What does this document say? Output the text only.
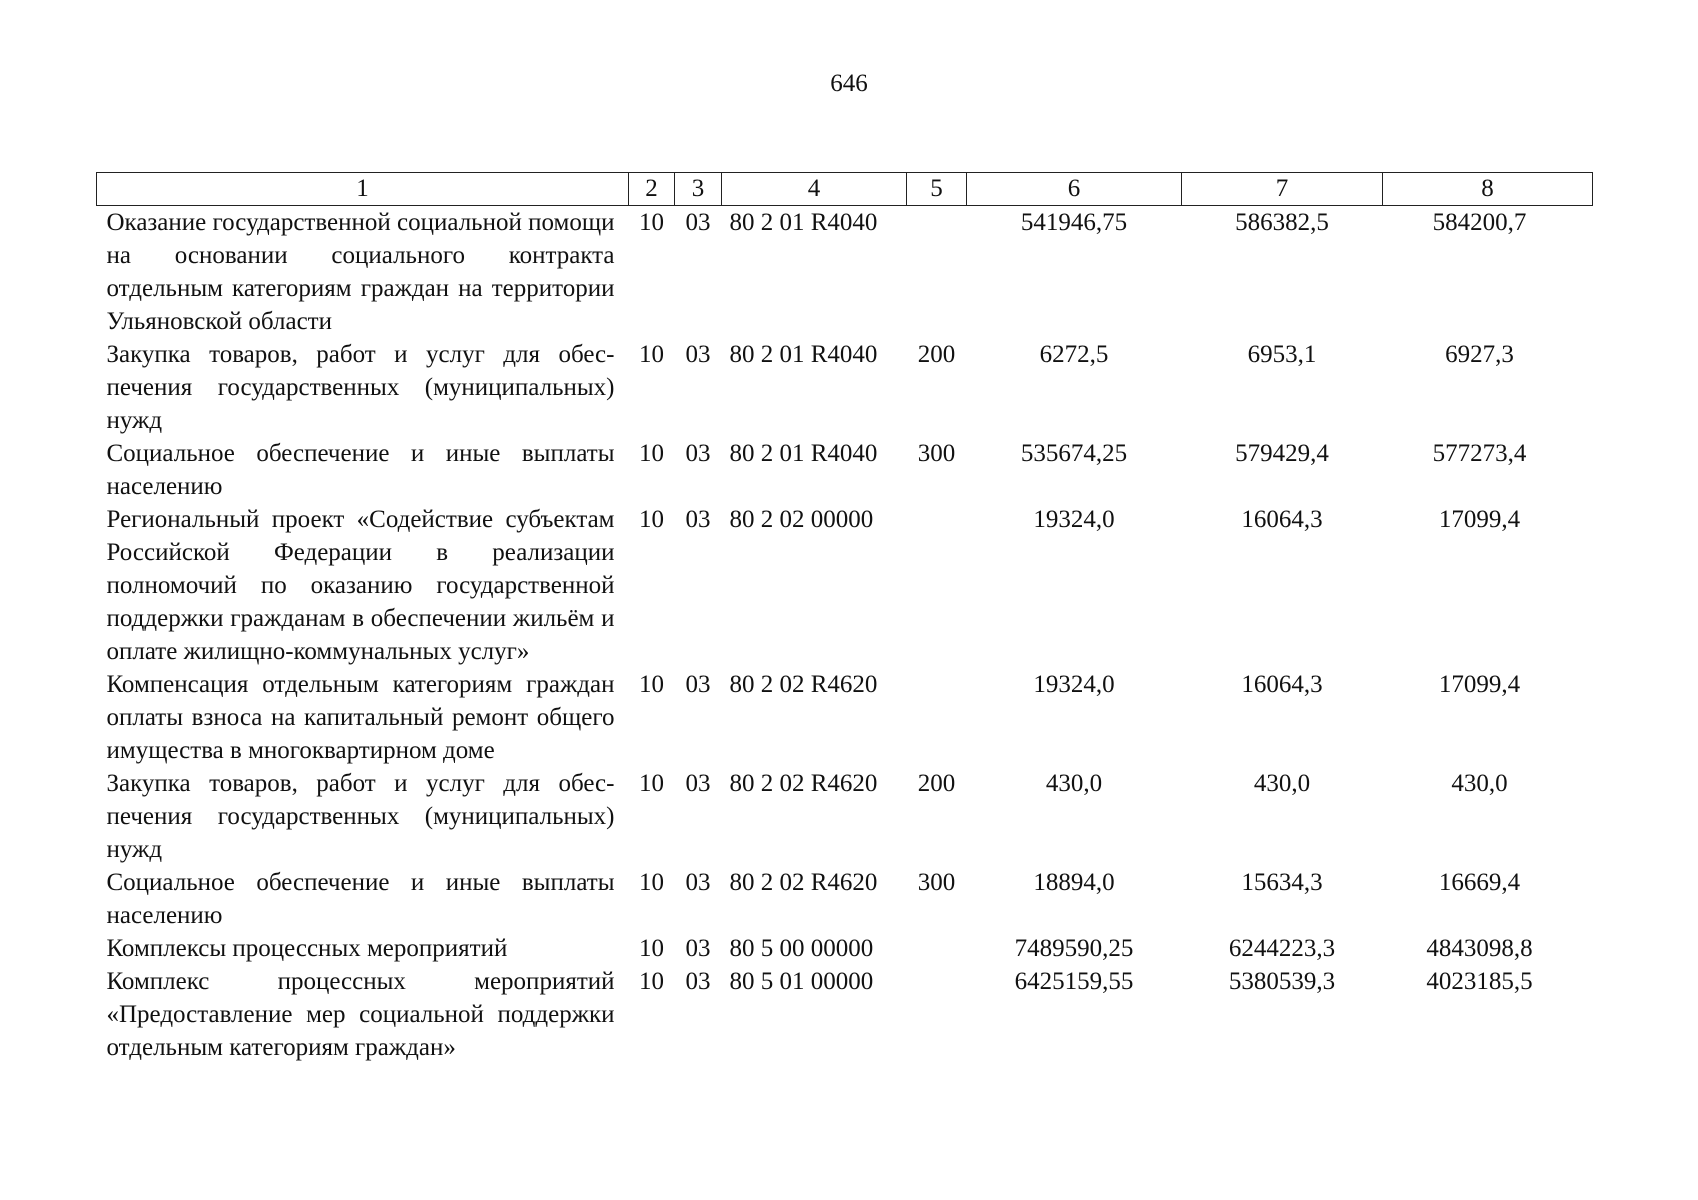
646
1	2	3	4	5	6	7	8
Оказание государственной социальной помощи на основании социального контракта отдельным категориям граждан на территории Ульяновской области	10	03	80 2 01 R4040		541946,75	586382,5	584200,7
Закупка товаров, работ и услуг для обеспечения государственных (муниципальных) нужд	10	03	80 2 01 R4040	200	6272,5	6953,1	6927,3
Социальное обеспечение и иные выплаты населению	10	03	80 2 01 R4040	300	535674,25	579429,4	577273,4
Региональный проект «Содействие субъектам Российской Федерации в реализации полномочий по оказанию государственной поддержки гражданам в обеспечении жильём и оплате жилищно-коммунальных услуг»	10	03	80 2 02 00000		19324,0	16064,3	17099,4
Компенсация отдельным категориям граждан оплаты взноса на капитальный ремонт общего имущества в многоквартирном доме	10	03	80 2 02 R4620		19324,0	16064,3	17099,4
Закупка товаров, работ и услуг для обеспечения государственных (муниципальных) нужд	10	03	80 2 02 R4620	200	430,0	430,0	430,0
Социальное обеспечение и иные выплаты населению	10	03	80 2 02 R4620	300	18894,0	15634,3	16669,4
Комплексы процессных мероприятий	10	03	80 5 00 00000		7489590,25	6244223,3	4843098,8
Комплекс процессных мероприятий «Предоставление мер социальной поддержки отдельным категориям граждан»	10	03	80 5 01 00000		6425159,55	5380539,3	4023185,5
